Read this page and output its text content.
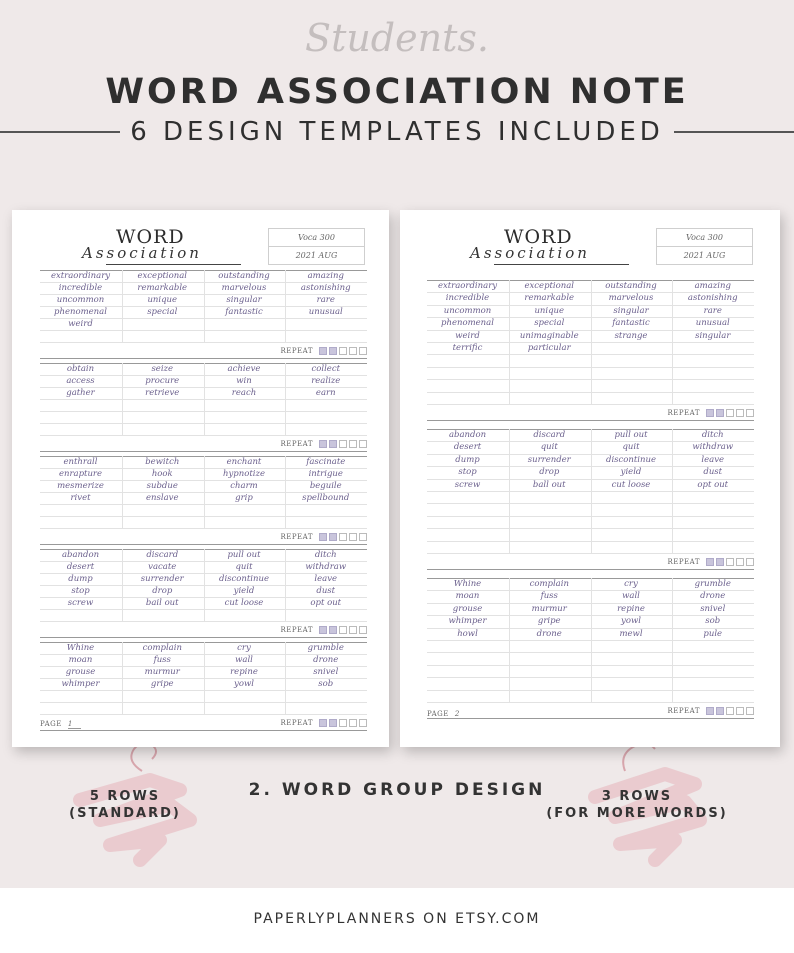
Students.
WORD ASSOCIATION NOTE
6 DESIGN TEMPLATES INCLUDED
WORD
Association
Voca 300
2021 AUG
extraordinary	exceptional	outstanding	amazing
incredible	remarkable	marvelous	astonishing
uncommon	unique	singular	rare
phenomenal	special	fantastic	unusual
weird
REPEAT
obtain	seize	achieve	collect
access	procure	win	realize
gather	retrieve	reach	earn
REPEAT
enthrall	bewitch	enchant	fascinate
enrapture	hook	hypnotize	intrigue
mesmerize	subdue	charm	beguile
rivet	enslave	grip	spellbound
REPEAT
abandon	discard	pull out	ditch
desert	vacate	quit	withdraw
dump	surrender	discontinue	leave
stop	drop	yield	dust
screw	bail out	cut loose	opt out
REPEAT
Whine	complain	cry	grumble
moan	fuss	wall	drone
grouse	murmur	repine	snivel
whimper	gripe	yowl	sob
REPEAT
PAGE 1
WORD
Association
Voca 300
2021 AUG
extraordinary	exceptional	outstanding	amazing
incredible	remarkable	marvelous	astonishing
uncommon	unique	singular	rare
phenomenal	special	fantastic	unusual
weird	unimaginable	strange	singular
terrific	particular
REPEAT
abandon	discard	pull out	ditch
desert	quit	quit	withdraw
dump	surrender	discontinue	leave
stop	drop	yield	dust
screw	ball out	cut loose	opt out
REPEAT
Whine	complain	cry	grumble
moan	fuss	wall	drone
grouse	murmur	repine	snivel
whimper	gripe	yowl	sob
howl	drone	mewl	pule
REPEAT
PAGE 2
5 ROWS
(STANDARD)
2. WORD GROUP DESIGN	3 ROWS
(FOR MORE WORDS)
PAPERLYPLANNERS ON ETSY.COM
